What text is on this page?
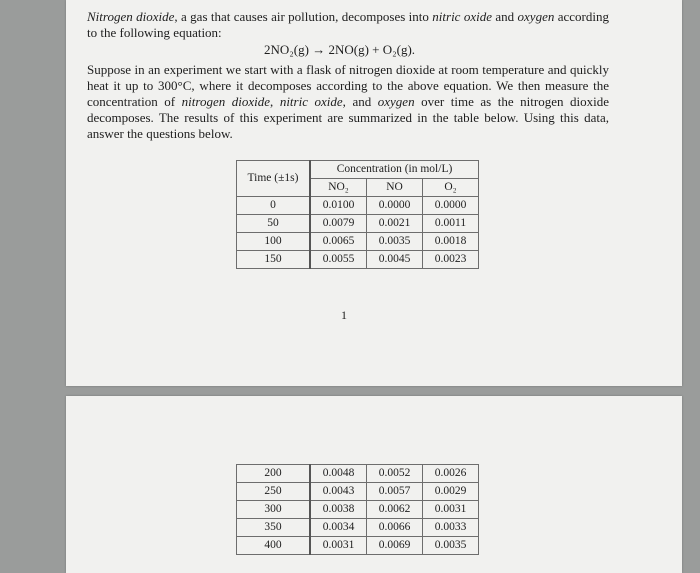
Nitrogen dioxide, a gas that causes air pollution, decomposes into nitric oxide and oxygen according to the following equation:

2NO₂(g) → 2NO(g) + O₂(g).

Suppose in an experiment we start with a flask of nitrogen dioxide at room temperature and quickly heat it up to 300°C, where it decomposes according to the above equation. We then measure the concentration of nitrogen dioxide, nitric oxide, and oxygen over time as the nitrogen dioxide decomposes. The results of this experiment are summarized in the table below. Using this data, answer the questions below.

Time (±1s)	Concentration (in mol/L)		
	NO₂	NO	O₂
0	0.0100	0.0000	0.0000
50	0.0079	0.0021	0.0011
100	0.0065	0.0035	0.0018
150	0.0055	0.0045	0.0023
1
200	0.0048	0.0052	0.0026
250	0.0043	0.0057	0.0029
300	0.0038	0.0062	0.0031
350	0.0034	0.0066	0.0033
400	0.0031	0.0069	0.0035
